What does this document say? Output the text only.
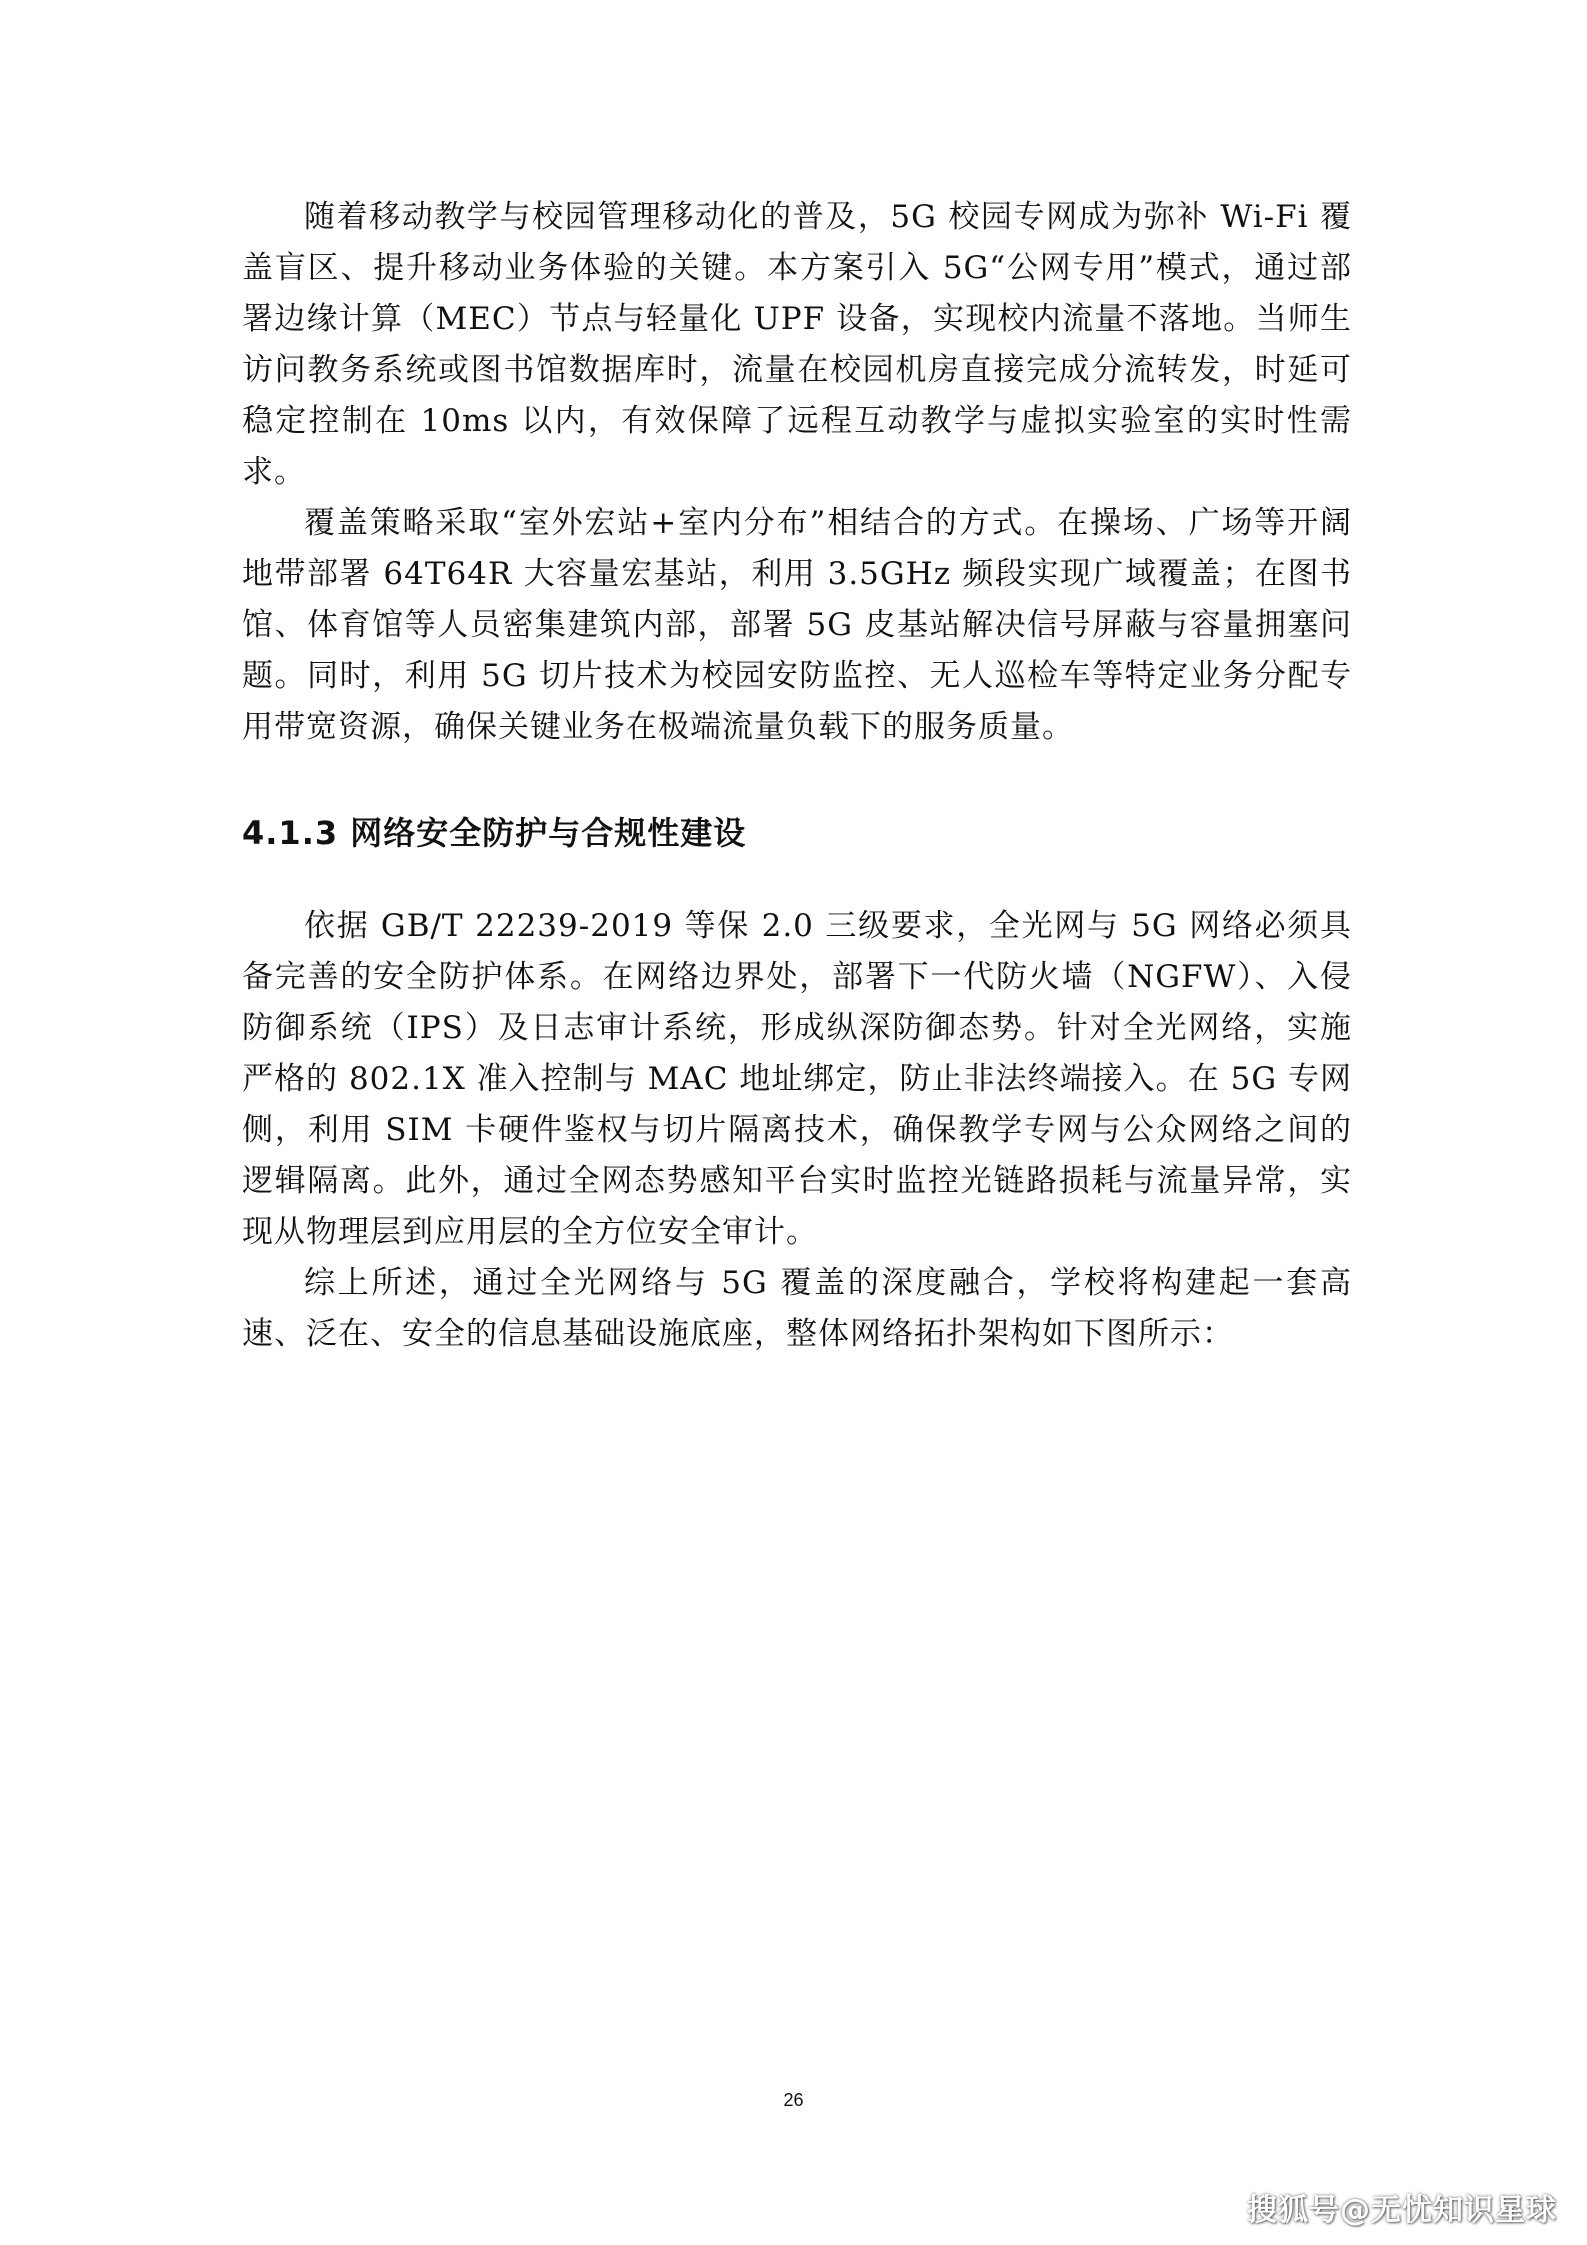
随着移动教学与校园管理移动化的普及，5G 校园专网成为弥补 Wi-Fi 覆盖盲区、提升移动业务体验的关键。本方案引入 5G“公网专用”模式，通过部署边缘计算（MEC）节点与轻量化 UPF 设备，实现校内流量不落地。当师生访问教务系统或图书馆数据库时，流量在校园机房直接完成分流转发，时延可稳定控制在 10ms 以内，有效保障了远程互动教学与虚拟实验室的实时性需求。

覆盖策略采取“室外宏站+室内分布”相结合的方式。在操场、广场等开阔地带部署 64T64R 大容量宏基站，利用 3.5GHz 频段实现广域覆盖；在图书馆、体育馆等人员密集建筑内部，部署 5G 皮基站解决信号屏蔽与容量拥塞问题。同时，利用 5G 切片技术为校园安防监控、无人巡检车等特定业务分配专用带宽资源，确保关键业务在极端流量负载下的服务质量。

4.1.3 网络安全防护与合规性建设

依据 GB/T 22239-2019 等保 2.0 三级要求，全光网与 5G 网络必须具备完善的安全防护体系。在网络边界处，部署下一代防火墙（NGFW）、入侵防御系统（IPS）及日志审计系统，形成纵深防御态势。针对全光网络，实施严格的 802.1X 准入控制与 MAC 地址绑定，防止非法终端接入。在 5G 专网侧，利用 SIM 卡硬件鉴权与切片隔离技术，确保教学专网与公众网络之间的逻辑隔离。此外，通过全网态势感知平台实时监控光链路损耗与流量异常，实现从物理层到应用层的全方位安全审计。

综上所述，通过全光网络与 5G 覆盖的深度融合，学校将构建起一套高速、泛在、安全的信息基础设施底座，整体网络拓扑架构如下图所示：

26
搜狐号@无忧知识星球
